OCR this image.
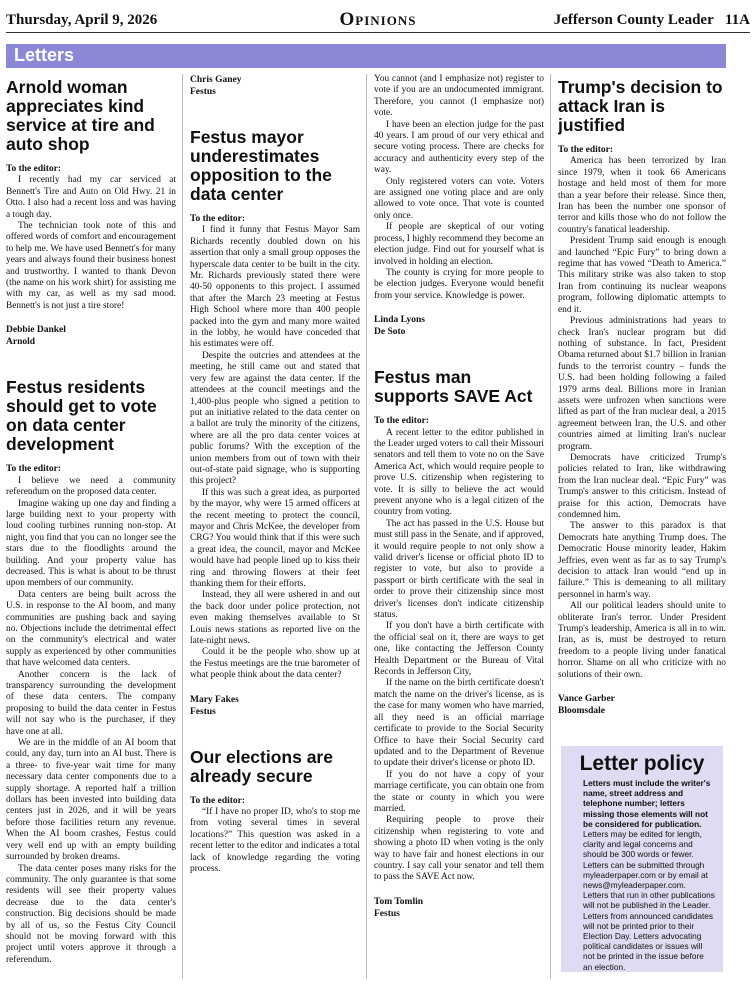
Thursday, April 9, 2026	Opinions	Jefferson County Leader 11A
Letters
Arnold woman appreciates kind service at tire and auto shop

To the editor:

I recently had my car serviced at Bennett's Tire and Auto on Old Hwy. 21 in Otto. I also had a recent loss and was having a tough day.

The technician took note of this and offered words of comfort and encouragement to help me. We have used Bennett's for many years and always found their business honest and trustworthy. I wanted to thank Devon (the name on his work shirt) for assisting me with my car, as well as my sad mood. Bennett's is not just a tire store!

Debbie Dankel
Arnold
Festus residents should get to vote on data center development

To the editor:

I believe we need a community referendum on the proposed data center.

Imagine waking up one day and finding a large building next to your property with loud cooling turbines running non-stop. At night, you find that you can no longer see the stars due to the floodlights around the building. And your property value has decreased. This is what is about to be thrust upon members of our community.

Data centers are being built across the U.S. in response to the AI boom, and many communities are pushing back and saying no. Objections include the detrimental effect on the community's electrical and water supply as experienced by other communities that have welcomed data centers.

Another concern is the lack of transparency surrounding the development of these data centers. The company proposing to build the data center in Festus will not say who is the purchaser, if they have one at all.

We are in the middle of an AI boom that could, any day, turn into an AI bust. There is a three- to five-year wait time for many necessary data center components due to a supply shortage. A reported half a trillion dollars has been invested into building data centers just in 2026, and it will be years before those facilities return any revenue. When the AI boom crashes, Festus could very well end up with an empty building surrounded by broken dreams.

The data center poses many risks for the community. The only guarantee is that some residents will see their property values decrease due to the data center's construction. Big decisions should be made by all of us, so the Festus City Council should not be moving forward with this project until voters approve it through a referendum.

Chris Ganey
Festus
Festus mayor underestimates opposition to the data center

To the editor:

I find it funny that Festus Mayor Sam Richards recently doubled down on his assertion that only a small group opposes the hyperscale data center to be built in the city. Mr. Richards previously stated there were 40-50 opponents to this project. I assumed that after the March 23 meeting at Festus High School where more than 400 people packed into the gym and many more waited in the lobby, he would have conceded that his estimates were off.

Despite the outcries and attendees at the meeting, he still came out and stated that very few are against the data center. If the attendees at the council meetings and the 1,400-plus people who signed a petition to put an initiative related to the data center on a ballot are truly the minority of the citizens, where are all the pro data center voices at public forums? With the exception of the union members from out of town with their out-of-state paid signage, who is supporting this project?

If this was such a great idea, as purported by the mayor, why were 15 armed officers at the recent meeting to protect the council, mayor and Chris McKee, the developer from CRG? You would think that if this were such a great idea, the council, mayor and McKee would have had people lined up to kiss their ring and throwing flowers at their feet thanking them for their efforts.

Instead, they all were ushered in and out the back door under police protection, not even making themselves available to St Louis news stations as reported live on the late-night news.

Could it be the people who show up at the Festus meetings are the true barometer of what people think about the data center?

Mary Fakes
Festus
Our elections are already secure

To the editor:

“If I have no proper ID, who's to stop me from voting several times in several locations?” This question was asked in a recent letter to the editor and indicates a total lack of knowledge regarding the voting process.

You cannot (and I emphasize not) register to vote if you are an undocumented immigrant. Therefore, you cannot (I emphasize not) vote.

I have been an election judge for the past 40 years. I am proud of our very ethical and secure voting process. There are checks for accuracy and authenticity every step of the way.

Only registered voters can vote. Voters are assigned one voting place and are only allowed to vote once. That vote is counted only once.

If people are skeptical of our voting process, I highly recommend they become an election judge. Find out for yourself what is involved in holding an election.

The county is crying for more people to be election judges. Everyone would benefit from your service. Knowledge is power.

Linda Lyons
De Soto
Festus man supports SAVE Act

To the editor:

A recent letter to the editor published in the Leader urged voters to call their Missouri senators and tell them to vote no on the Save America Act, which would require people to prove U.S. citizenship when registering to vote. It is silly to believe the act would prevent anyone who is a legal citizen of the country from voting.

The act has passed in the U.S. House but must still pass in the Senate, and if approved, it would require people to not only show a valid driver's license or official photo ID to register to vote, but also to provide a passport or birth certificate with the seal in order to prove their citizenship since most driver's licenses don't indicate citizenship status.

If you don't have a birth certificate with the official seal on it, there are ways to get one, like contacting the Jefferson County Health Department or the Bureau of Vital Records in Jefferson City,

If the name on the birth certificate doesn't match the name on the driver's license, as is the case for many women who have married, all they need is an official marriage certificate to provide to the Social Security Office to have their Social Security card updated and to the Department of Revenue to update their driver's license or photo ID.

If you do not have a copy of your marriage certificate, you can obtain one from the state or county in which you were married.

Requiring people to prove their citizenship when registering to vote and showing a photo ID when voting is the only way to have fair and honest elections in our country. I say call your senator and tell them to pass the SAVE Act now.

Tom Tomlin
Festus
Trump's decision to attack Iran is justified

To the editor:

America has been terrorized by Iran since 1979, when it took 66 Americans hostage and held most of them for more than a year before their release. Since then, Iran has been the number one sponsor of terror and kills those who do not follow the country's fanatical leadership.

President Trump said enough is enough and launched “Epic Fury” to bring down a regime that has vowed “Death to America.” This military strike was also taken to stop Iran from continuing its nuclear weapons program, following diplomatic attempts to end it.

Previous administrations had years to check Iran's nuclear program but did nothing of substance. In fact, President Obama returned about $1.7 billion in Iranian funds to the terrorist country – funds the U.S. had been holding following a failed 1979 arms deal. Billions more in Iranian assets were unfrozen when sanctions were lifted as part of the Iran nuclear deal, a 2015 agreement between Iran, the U.S. and other countries aimed at limiting Iran's nuclear program.

Democrats have criticized Trump's policies related to Iran, like withdrawing from the Iran nuclear deal. “Epic Fury” was Trump's answer to this criticism. Instead of praise for this action, Democrats have condemned him.

The answer to this paradox is that Democrats hate anything Trump does. The Democratic House minority leader, Hakim Jeffries, even went as far as to say Trump's decision to attack Iran would “end up in failure.” This is demeaning to all military personnel in harm's way.

All our political leaders should unite to obliterate Iran's terror. Under President Trump's leadership, America is all in to win. Iran, as is, must be destroyed to return freedom to a people living under fanatical horror. Shame on all who criticize with no solutions of their own.

Vance Garber
Bloomsdale
Letter policy
Letters must include the writer's name, street address and telephone number; letters missing those elements will not be considered for publication. Letters may be edited for length, clarity and legal concerns and should be 300 words or fewer. Letters can be submitted through myleaderpaper.com or by email at news@myleaderpaper.com.
Letters that run in other publications will not be published in the Leader. Letters from announced candidates will not be printed prior to their Election Day. Letters advocating political candidates or issues will not be printed in the issue before an election.
